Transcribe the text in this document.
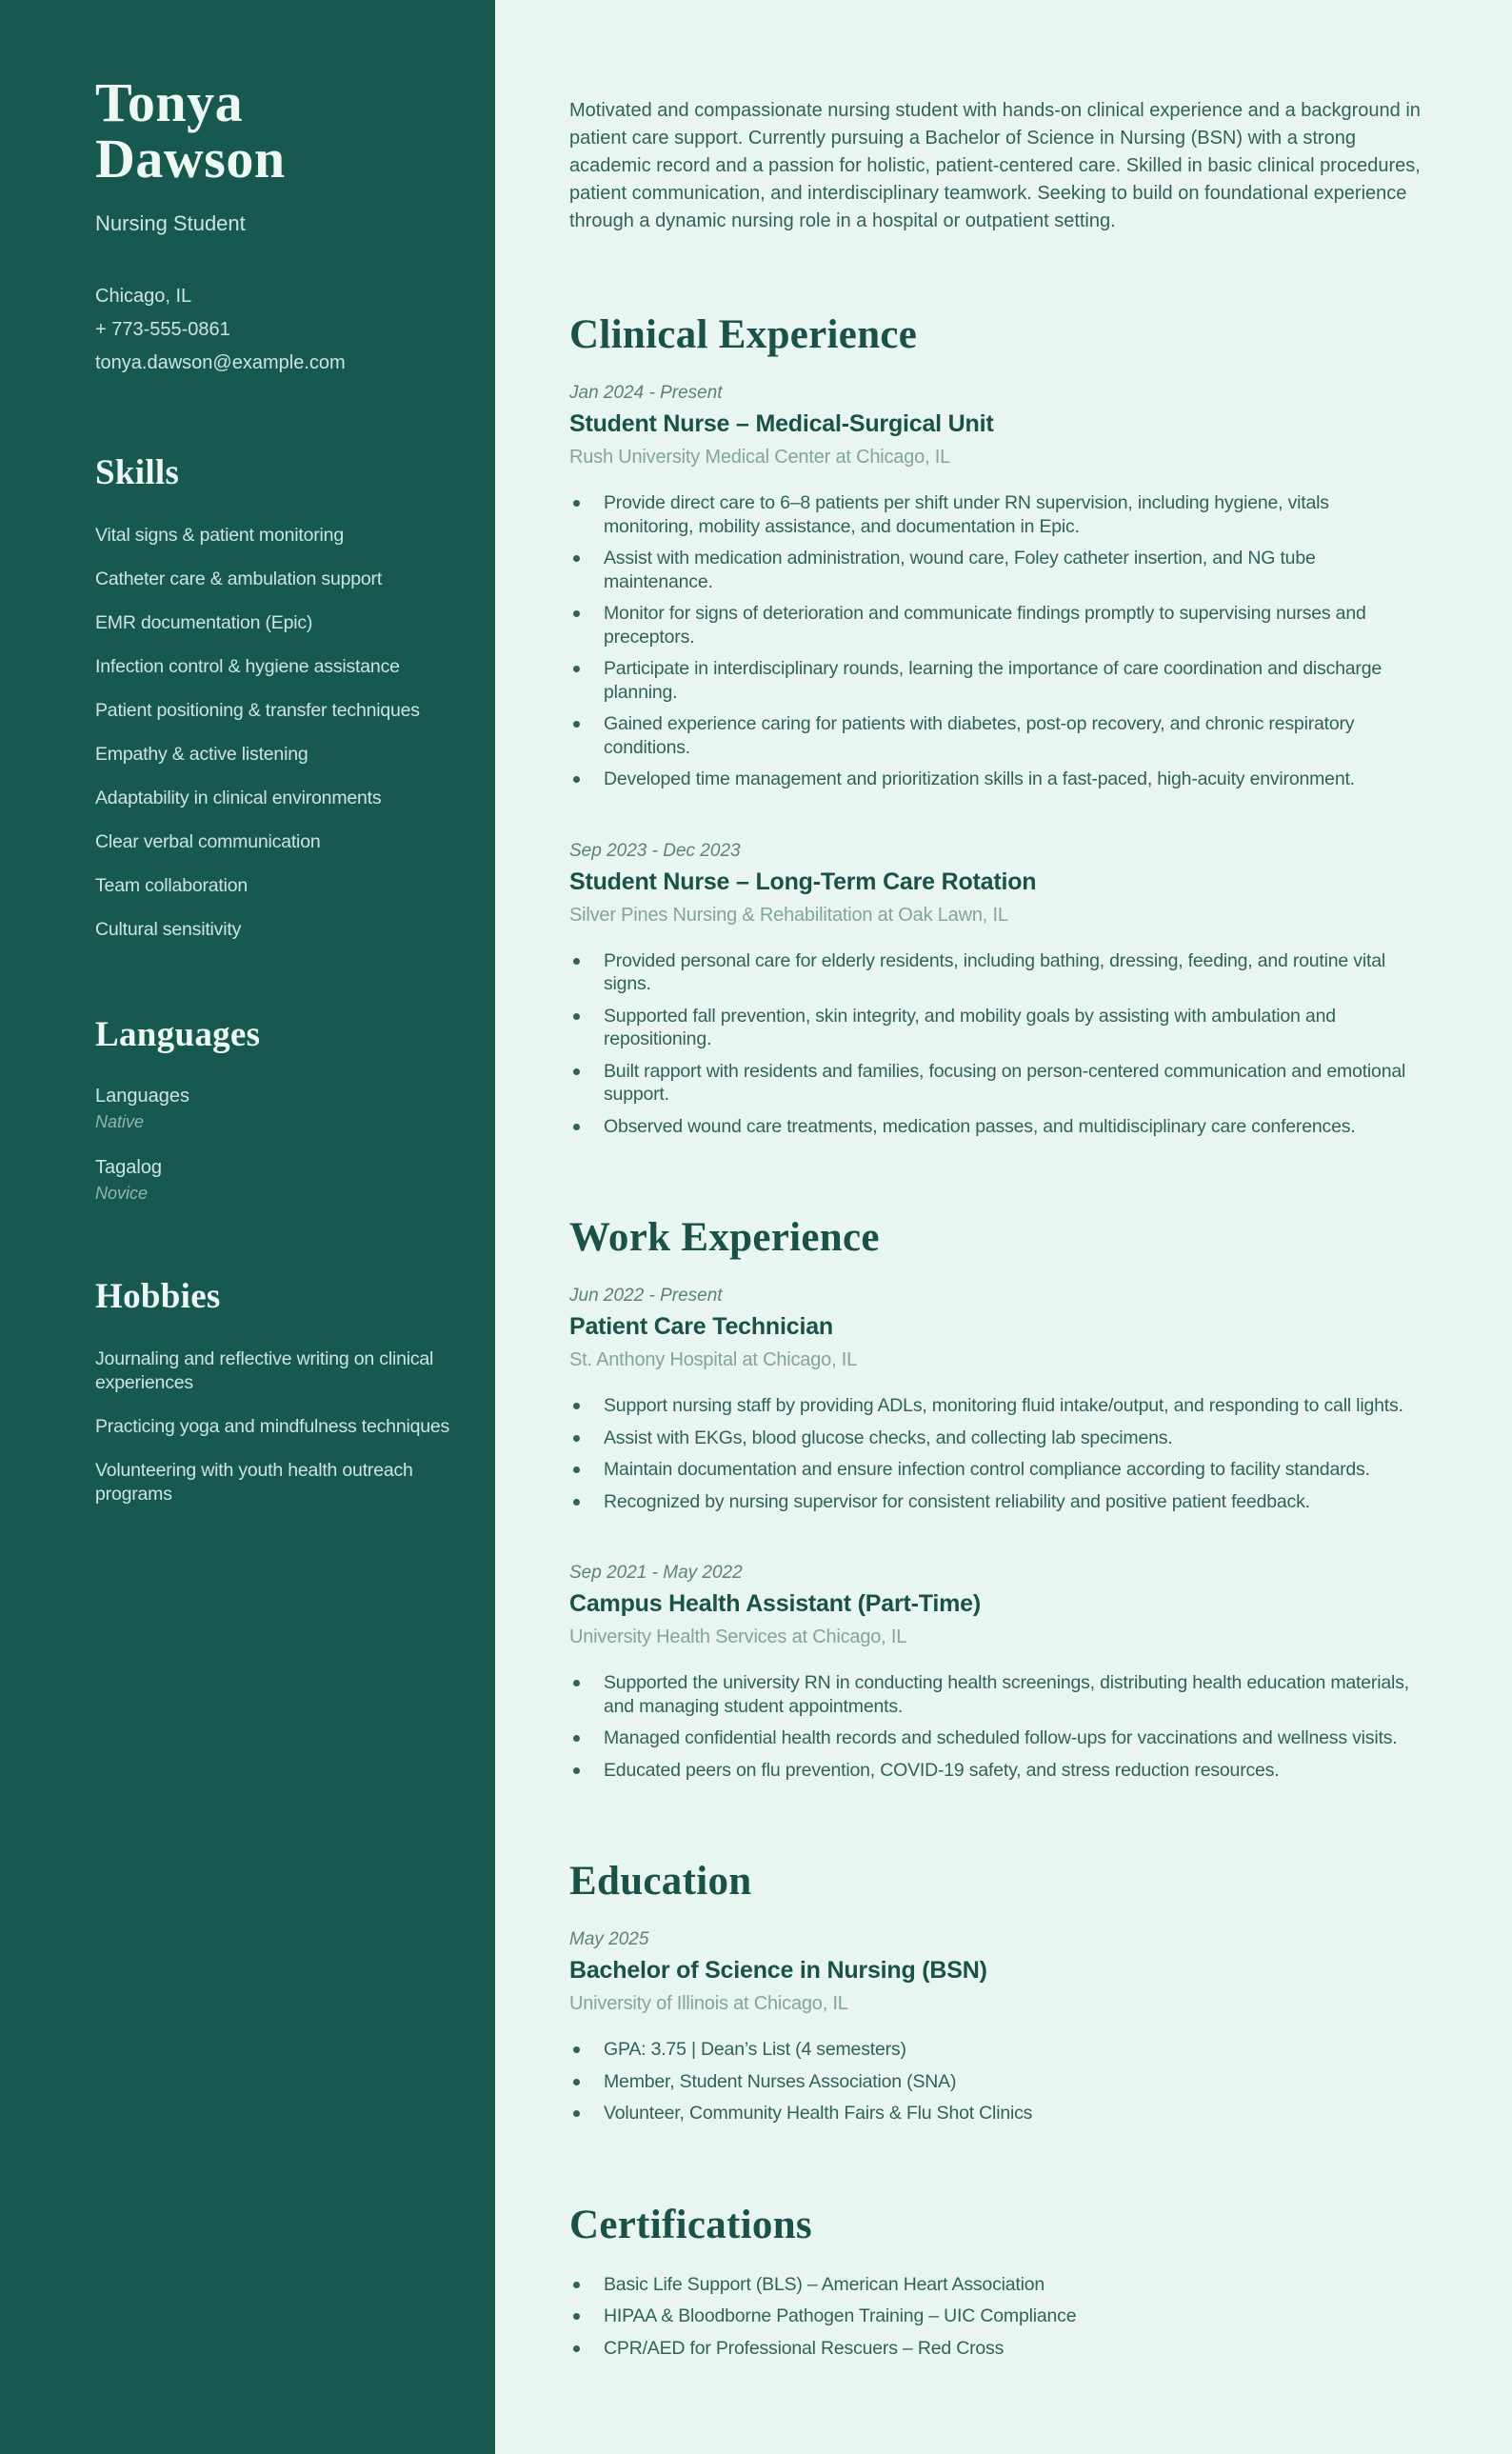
Tonya Dawson

Nursing Student

Chicago, IL

+ 773-555-0861

tonya.dawson@example.com

Skills

Vital signs & patient monitoring

Catheter care & ambulation support

EMR documentation (Epic)

Infection control & hygiene assistance

Patient positioning & transfer techniques

Empathy & active listening

Adaptability in clinical environments

Clear verbal communication

Team collaboration

Cultural sensitivity

Languages

Languages

Native

Tagalog

Novice

Hobbies

Journaling and reflective writing on clinical experiences

Practicing yoga and mindfulness techniques

Volunteering with youth health outreach programs

Motivated and compassionate nursing student with hands-on clinical experience and a background in patient care support. Currently pursuing a Bachelor of Science in Nursing (BSN) with a strong academic record and a passion for holistic, patient-centered care. Skilled in basic clinical procedures, patient communication, and interdisciplinary teamwork. Seeking to build on foundational experience through a dynamic nursing role in a hospital or outpatient setting.

Clinical Experience

Jan 2024 - Present

Student Nurse – Medical-Surgical Unit

Rush University Medical Center at Chicago, IL

Provide direct care to 6–8 patients per shift under RN supervision, including hygiene, vitals monitoring, mobility assistance, and documentation in Epic.
Assist with medication administration, wound care, Foley catheter insertion, and NG tube maintenance.
Monitor for signs of deterioration and communicate findings promptly to supervising nurses and preceptors.
Participate in interdisciplinary rounds, learning the importance of care coordination and discharge planning.
Gained experience caring for patients with diabetes, post-op recovery, and chronic respiratory conditions.
Developed time management and prioritization skills in a fast-paced, high-acuity environment.

Sep 2023 - Dec 2023

Student Nurse – Long-Term Care Rotation

Silver Pines Nursing & Rehabilitation at Oak Lawn, IL

Provided personal care for elderly residents, including bathing, dressing, feeding, and routine vital signs.
Supported fall prevention, skin integrity, and mobility goals by assisting with ambulation and repositioning.
Built rapport with residents and families, focusing on person-centered communication and emotional support.
Observed wound care treatments, medication passes, and multidisciplinary care conferences.
Work Experience

Jun 2022 - Present

Patient Care Technician

St. Anthony Hospital at Chicago, IL

Support nursing staff by providing ADLs, monitoring fluid intake/output, and responding to call lights.
Assist with EKGs, blood glucose checks, and collecting lab specimens.
Maintain documentation and ensure infection control compliance according to facility standards.
Recognized by nursing supervisor for consistent reliability and positive patient feedback.

Sep 2021 - May 2022

Campus Health Assistant (Part-Time)

University Health Services at Chicago, IL

Supported the university RN in conducting health screenings, distributing health education materials, and managing student appointments.
Managed confidential health records and scheduled follow-ups for vaccinations and wellness visits.
Educated peers on flu prevention, COVID-19 safety, and stress reduction resources.
Education

May 2025

Bachelor of Science in Nursing (BSN)

University of Illinois at Chicago, IL

GPA: 3.75 | Dean’s List (4 semesters)
Member, Student Nurses Association (SNA)
Volunteer, Community Health Fairs & Flu Shot Clinics
Certifications
Basic Life Support (BLS) – American Heart Association
HIPAA & Bloodborne Pathogen Training – UIC Compliance
CPR/AED for Professional Rescuers – Red Cross
